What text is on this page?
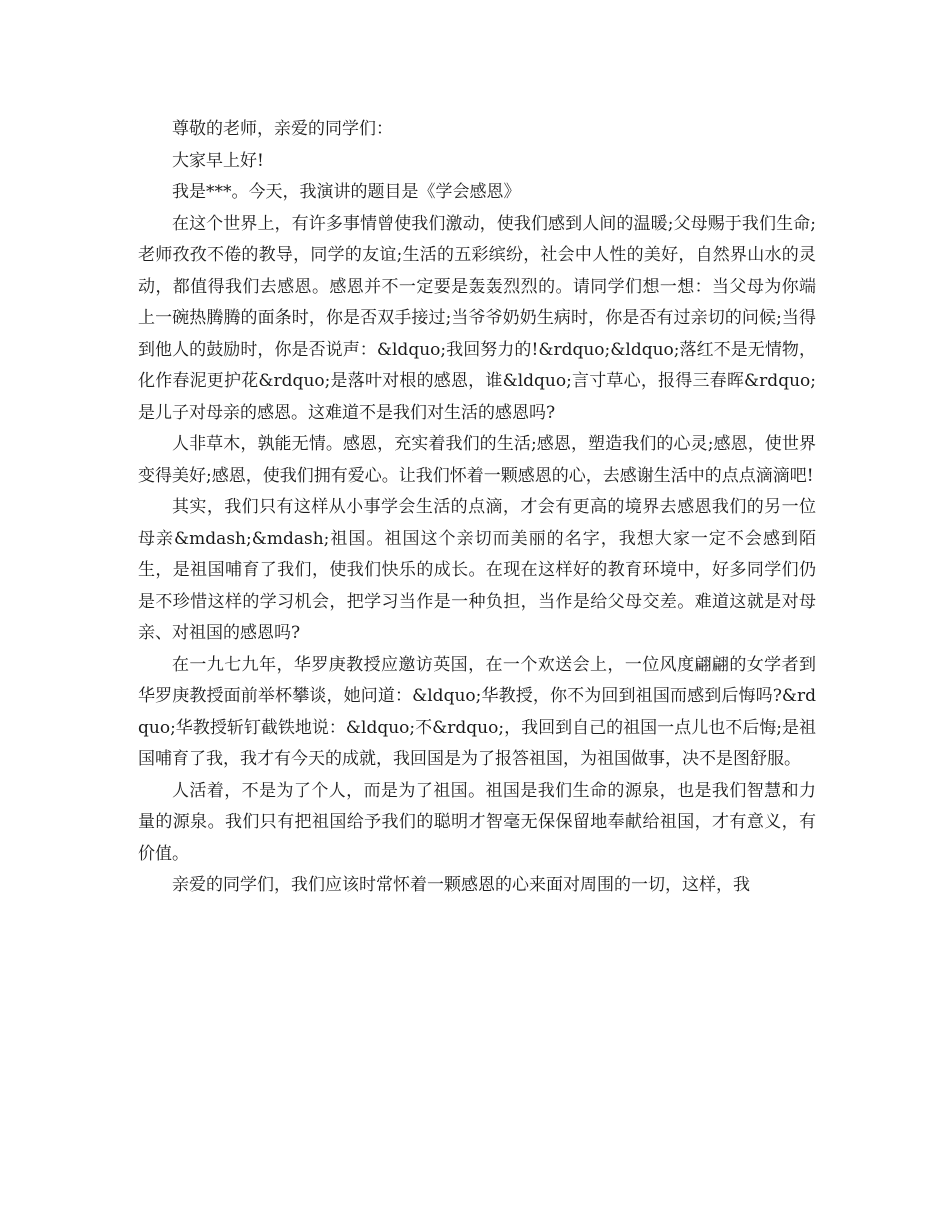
尊敬的老师，亲爱的同学们：

大家早上好!

我是***。今天，我演讲的题目是《学会感恩》

在这个世界上，有许多事情曾使我们激动，使我们感到人间的温暖;父母赐于我们生命;老师孜孜不倦的教导，同学的友谊;生活的五彩缤纷，社会中人性的美好，自然界山水的灵动，都值得我们去感恩。感恩并不一定要是轰轰烈烈的。请同学们想一想：当父母为你端上一碗热腾腾的面条时，你是否双手接过;当爷爷奶奶生病时，你是否有过亲切的问候;当得到他人的鼓励时，你是否说声：&ldquo;我回努力的!&rdquo;&ldquo;落红不是无情物，化作春泥更护花&rdquo;是落叶对根的感恩，谁&ldquo;言寸草心，报得三春晖&rdquo;是儿子对母亲的感恩。这难道不是我们对生活的感恩吗?

人非草木，孰能无情。感恩，充实着我们的生活;感恩，塑造我们的心灵;感恩，使世界变得美好;感恩，使我们拥有爱心。让我们怀着一颗感恩的心，去感谢生活中的点点滴滴吧!

其实，我们只有这样从小事学会生活的点滴，才会有更高的境界去感恩我们的另一位母亲&mdash;&mdash;祖国。祖国这个亲切而美丽的名字，我想大家一定不会感到陌生，是祖国哺育了我们，使我们快乐的成长。在现在这样好的教育环境中，好多同学们仍是不珍惜这样的学习机会，把学习当作是一种负担，当作是给父母交差。难道这就是对母亲、对祖国的感恩吗?

在一九七九年，华罗庚教授应邀访英国，在一个欢送会上，一位风度翩翩的女学者到华罗庚教授面前举杯攀谈，她问道：&ldquo;华教授，你不为回到祖国而感到后悔吗?&rdquo;华教授斩钉截铁地说：&ldquo;不&rdquo;，我回到自己的祖国一点儿也不后悔;是祖国哺育了我，我才有今天的成就，我回国是为了报答祖国，为祖国做事，决不是图舒服。

人活着，不是为了个人，而是为了祖国。祖国是我们生命的源泉，也是我们智慧和力量的源泉。我们只有把祖国给予我们的聪明才智毫无保保留地奉献给祖国，才有意义，有价值。

亲爱的同学们，我们应该时常怀着一颗感恩的心来面对周围的一切，这样，我
